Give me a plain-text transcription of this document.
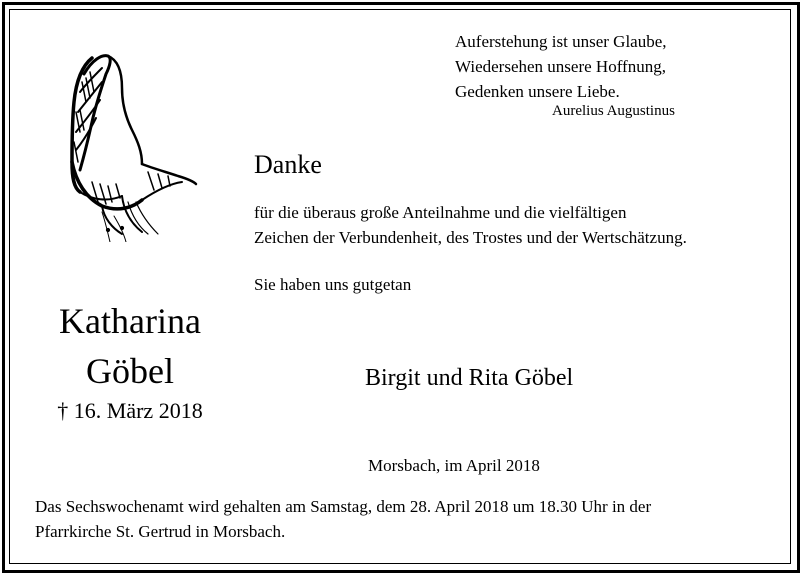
Auferstehung ist unser Glaube,
Wiedersehen unsere Hoffnung,
Gedenken unsere Liebe.
Aurelius Augustinus
Danke
für die überaus große Anteilnahme und die vielfältigen
Zeichen der Verbundenheit, des Trostes und der Wertschätzung.
Sie haben uns gutgetan
Katharina
Göbel
† 16. März 2018
Birgit und Rita Göbel
Morsbach, im April 2018
Das Sechswochenamt wird gehalten am Samstag, dem 28. April 2018 um 18.30 Uhr in der
Pfarrkirche St. Gertrud in Morsbach.
